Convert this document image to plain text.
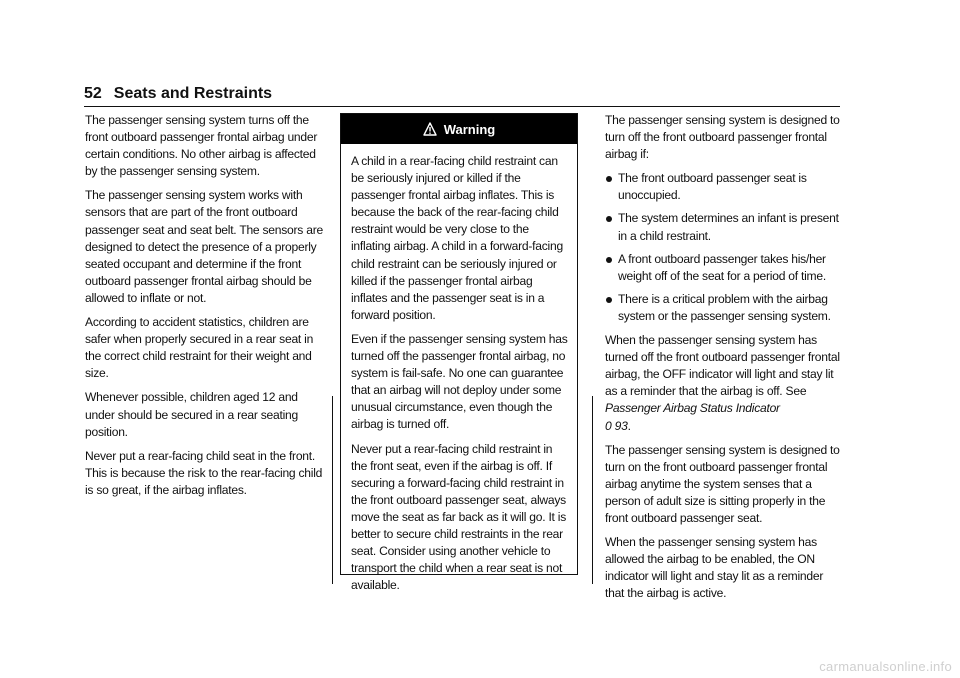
52 Seats and Restraints

The passenger sensing system turns off the front outboard passenger frontal airbag under certain conditions. No other airbag is affected by the passenger sensing system.

The passenger sensing system works with sensors that are part of the front outboard passenger seat and seat belt. The sensors are designed to detect the presence of a properly seated occupant and determine if the front outboard passenger frontal airbag should be allowed to inflate or not.

According to accident statistics, children are safer when properly secured in a rear seat in the correct child restraint for their weight and size.

Whenever possible, children aged 12 and under should be secured in a rear seating position.

Never put a rear-facing child seat in the front. This is because the risk to the rear-facing child is so great, if the airbag inflates.

Warning

A child in a rear-facing child restraint can be seriously injured or killed if the passenger frontal airbag inflates. This is because the back of the rear-facing child restraint would be very close to the inflating airbag. A child in a forward-facing child restraint can be seriously injured or killed if the passenger frontal airbag inflates and the passenger seat is in a forward position.

Even if the passenger sensing system has turned off the passenger frontal airbag, no system is fail-safe. No one can guarantee that an airbag will not deploy under some unusual circumstance, even though the airbag is turned off.

Never put a rear-facing child restraint in the front seat, even if the airbag is off. If securing a forward-facing child restraint in the front outboard passenger seat, always move the seat as far back as it will go. It is better to secure child restraints in the rear seat. Consider using another vehicle to transport the child when a rear seat is not available.

The passenger sensing system is designed to turn off the front outboard passenger frontal airbag if:

The front outboard passenger seat is unoccupied.
The system determines an infant is present in a child restraint.
A front outboard passenger takes his/her weight off of the seat for a period of time.
There is a critical problem with the airbag system or the passenger sensing system.

When the passenger sensing system has turned off the front outboard passenger frontal airbag, the OFF indicator will light and stay lit as a reminder that the airbag is off. See Passenger Airbag Status Indicator
0 93.

The passenger sensing system is designed to turn on the front outboard passenger frontal airbag anytime the system senses that a person of adult size is sitting properly in the front outboard passenger seat.

When the passenger sensing system has allowed the airbag to be enabled, the ON indicator will light and stay lit as a reminder that the airbag is active.

carmanualsonline.info
